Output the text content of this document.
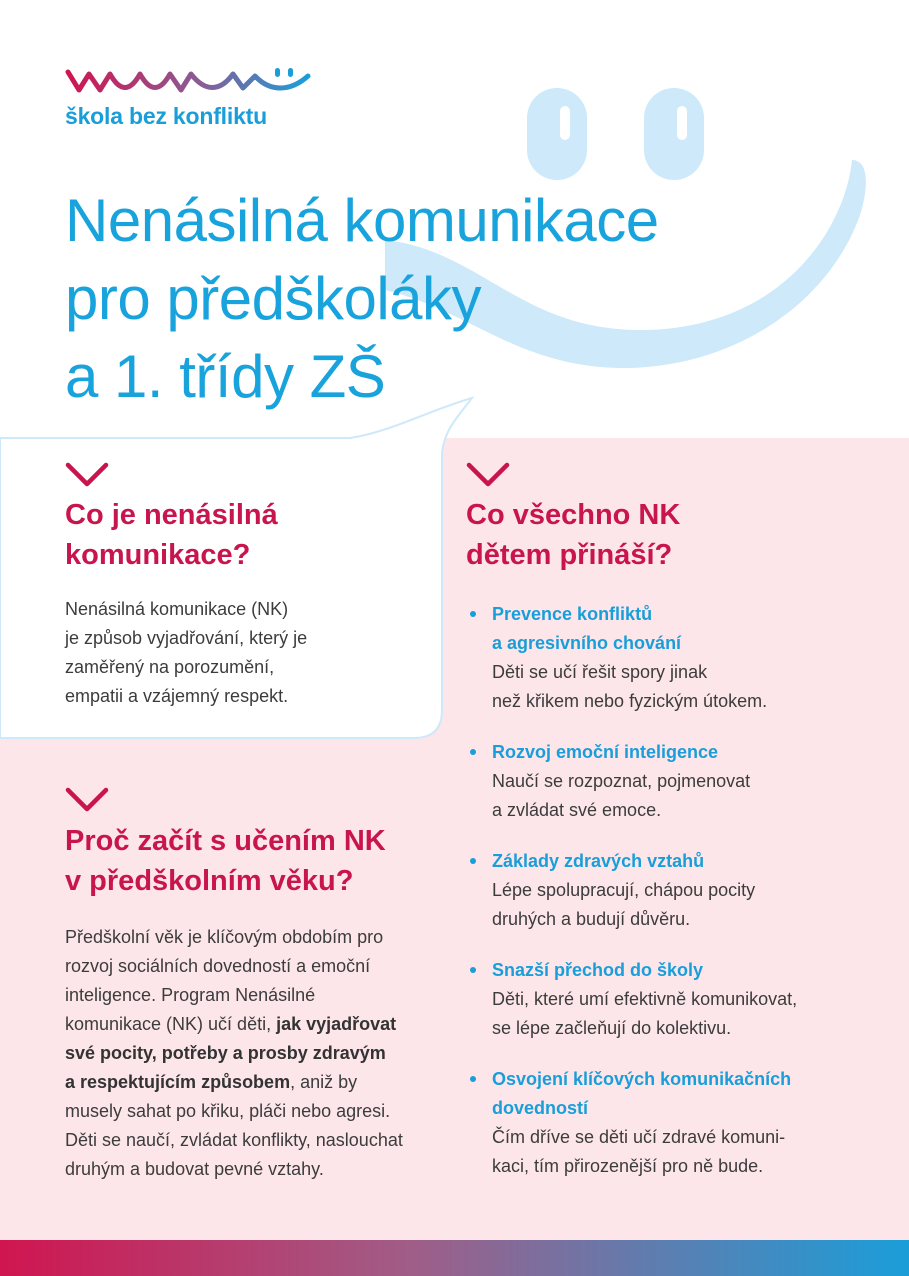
škola bez konfliktu
Nenásilná komunikace
pro předškoláky
a 1. třídy ZŠ
Co je nenásilná
komunikace?
Nenásilná komunikace (NK)
je způsob vyjadřování, který je
zaměřený na porozumění,
empatii a vzájemný respekt.
Proč začít s učením NK
v předškolním věku?
Předškolní věk je klíčovým obdobím pro
rozvoj sociálních dovedností a emoční
inteligence. Program Nenásilné
komunikace (NK) učí děti, jak vyjadřovat
své pocity, potřeby a prosby zdravým
a respektujícím způsobem, aniž by
musely sahat po křiku, pláči nebo agresi.
Děti se naučí, zvládat konflikty, naslouchat
druhým a budovat pevné vztahy.
Co všechno NK
dětem přináší?
Prevence konfliktů
a agresivního chování
Děti se učí řešit spory jinak
než křikem nebo fyzickým útokem.
Rozvoj emoční inteligence
Naučí se rozpoznat, pojmenovat
a zvládat své emoce.
Základy zdravých vztahů
Lépe spolupracují, chápou pocity
druhých a budují důvěru.
Snazší přechod do školy
Děti, které umí efektivně komunikovat,
se lépe začleňují do kolektivu.
Osvojení klíčových komunikačních
dovedností
Čím dříve se děti učí zdravé komuni-
kaci, tím přirozenější pro ně bude.
